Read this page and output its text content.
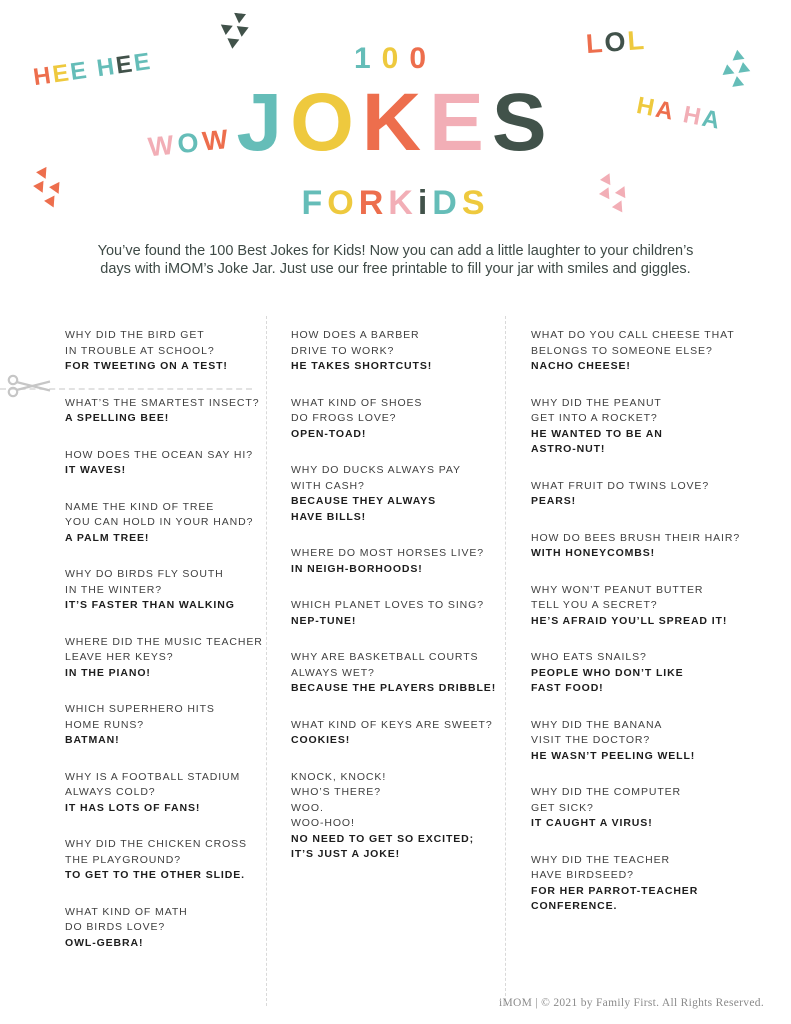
HEE HEE
WOW
LOL
HA HA
100
JOKES
FORKiDS

You’ve found the 100 Best Jokes for Kids! Now you can add a little laughter to your children’s
days with iMOM’s Joke Jar. Just use our free printable to fill your jar with smiles and giggles.

WHY DID THE BIRD GET
IN TROUBLE AT SCHOOL?
FOR TWEETING ON A TEST!
WHAT’S THE SMARTEST INSECT?
A SPELLING BEE!
HOW DOES THE OCEAN SAY HI?
IT WAVES!
NAME THE KIND OF TREE
YOU CAN HOLD IN YOUR HAND?
A PALM TREE!
WHY DO BIRDS FLY SOUTH
IN THE WINTER?
IT’S FASTER THAN WALKING
WHERE DID THE MUSIC TEACHER
LEAVE HER KEYS?
IN THE PIANO!
WHICH SUPERHERO HITS
HOME RUNS?
BATMAN!
WHY IS A FOOTBALL STADIUM
ALWAYS COLD?
IT HAS LOTS OF FANS!
WHY DID THE CHICKEN CROSS
THE PLAYGROUND?
TO GET TO THE OTHER SLIDE.
WHAT KIND OF MATH
DO BIRDS LOVE?
OWL-GEBRA!
HOW DOES A BARBER
DRIVE TO WORK?
HE TAKES SHORTCUTS!
WHAT KIND OF SHOES
DO FROGS LOVE?
OPEN-TOAD!
WHY DO DUCKS ALWAYS PAY
WITH CASH?
BECAUSE THEY ALWAYS
HAVE BILLS!
WHERE DO MOST HORSES LIVE?
IN NEIGH-BORHOODS!
WHICH PLANET LOVES TO SING?
NEP-TUNE!
WHY ARE BASKETBALL COURTS
ALWAYS WET?
BECAUSE THE PLAYERS DRIBBLE!
WHAT KIND OF KEYS ARE SWEET?
COOKIES!
KNOCK, KNOCK!
WHO’S THERE?
WOO.
WOO-HOO!
NO NEED TO GET SO EXCITED;
IT’S JUST A JOKE!
WHAT DO YOU CALL CHEESE THAT
BELONGS TO SOMEONE ELSE?
NACHO CHEESE!
WHY DID THE PEANUT
GET INTO A ROCKET?
HE WANTED TO BE AN
ASTRO-NUT!
WHAT FRUIT DO TWINS LOVE?
PEARS!
HOW DO BEES BRUSH THEIR HAIR?
WITH HONEYCOMBS!
WHY WON’T PEANUT BUTTER
TELL YOU A SECRET?
HE’S AFRAID YOU’LL SPREAD IT!
WHO EATS SNAILS?
PEOPLE WHO DON’T LIKE
FAST FOOD!
WHY DID THE BANANA
VISIT THE DOCTOR?
HE WASN’T PEELING WELL!
WHY DID THE COMPUTER
GET SICK?
IT CAUGHT A VIRUS!
WHY DID THE TEACHER
HAVE BIRDSEED?
FOR HER PARROT-TEACHER
CONFERENCE.
iMOM | © 2021 by Family First. All Rights Reserved.
